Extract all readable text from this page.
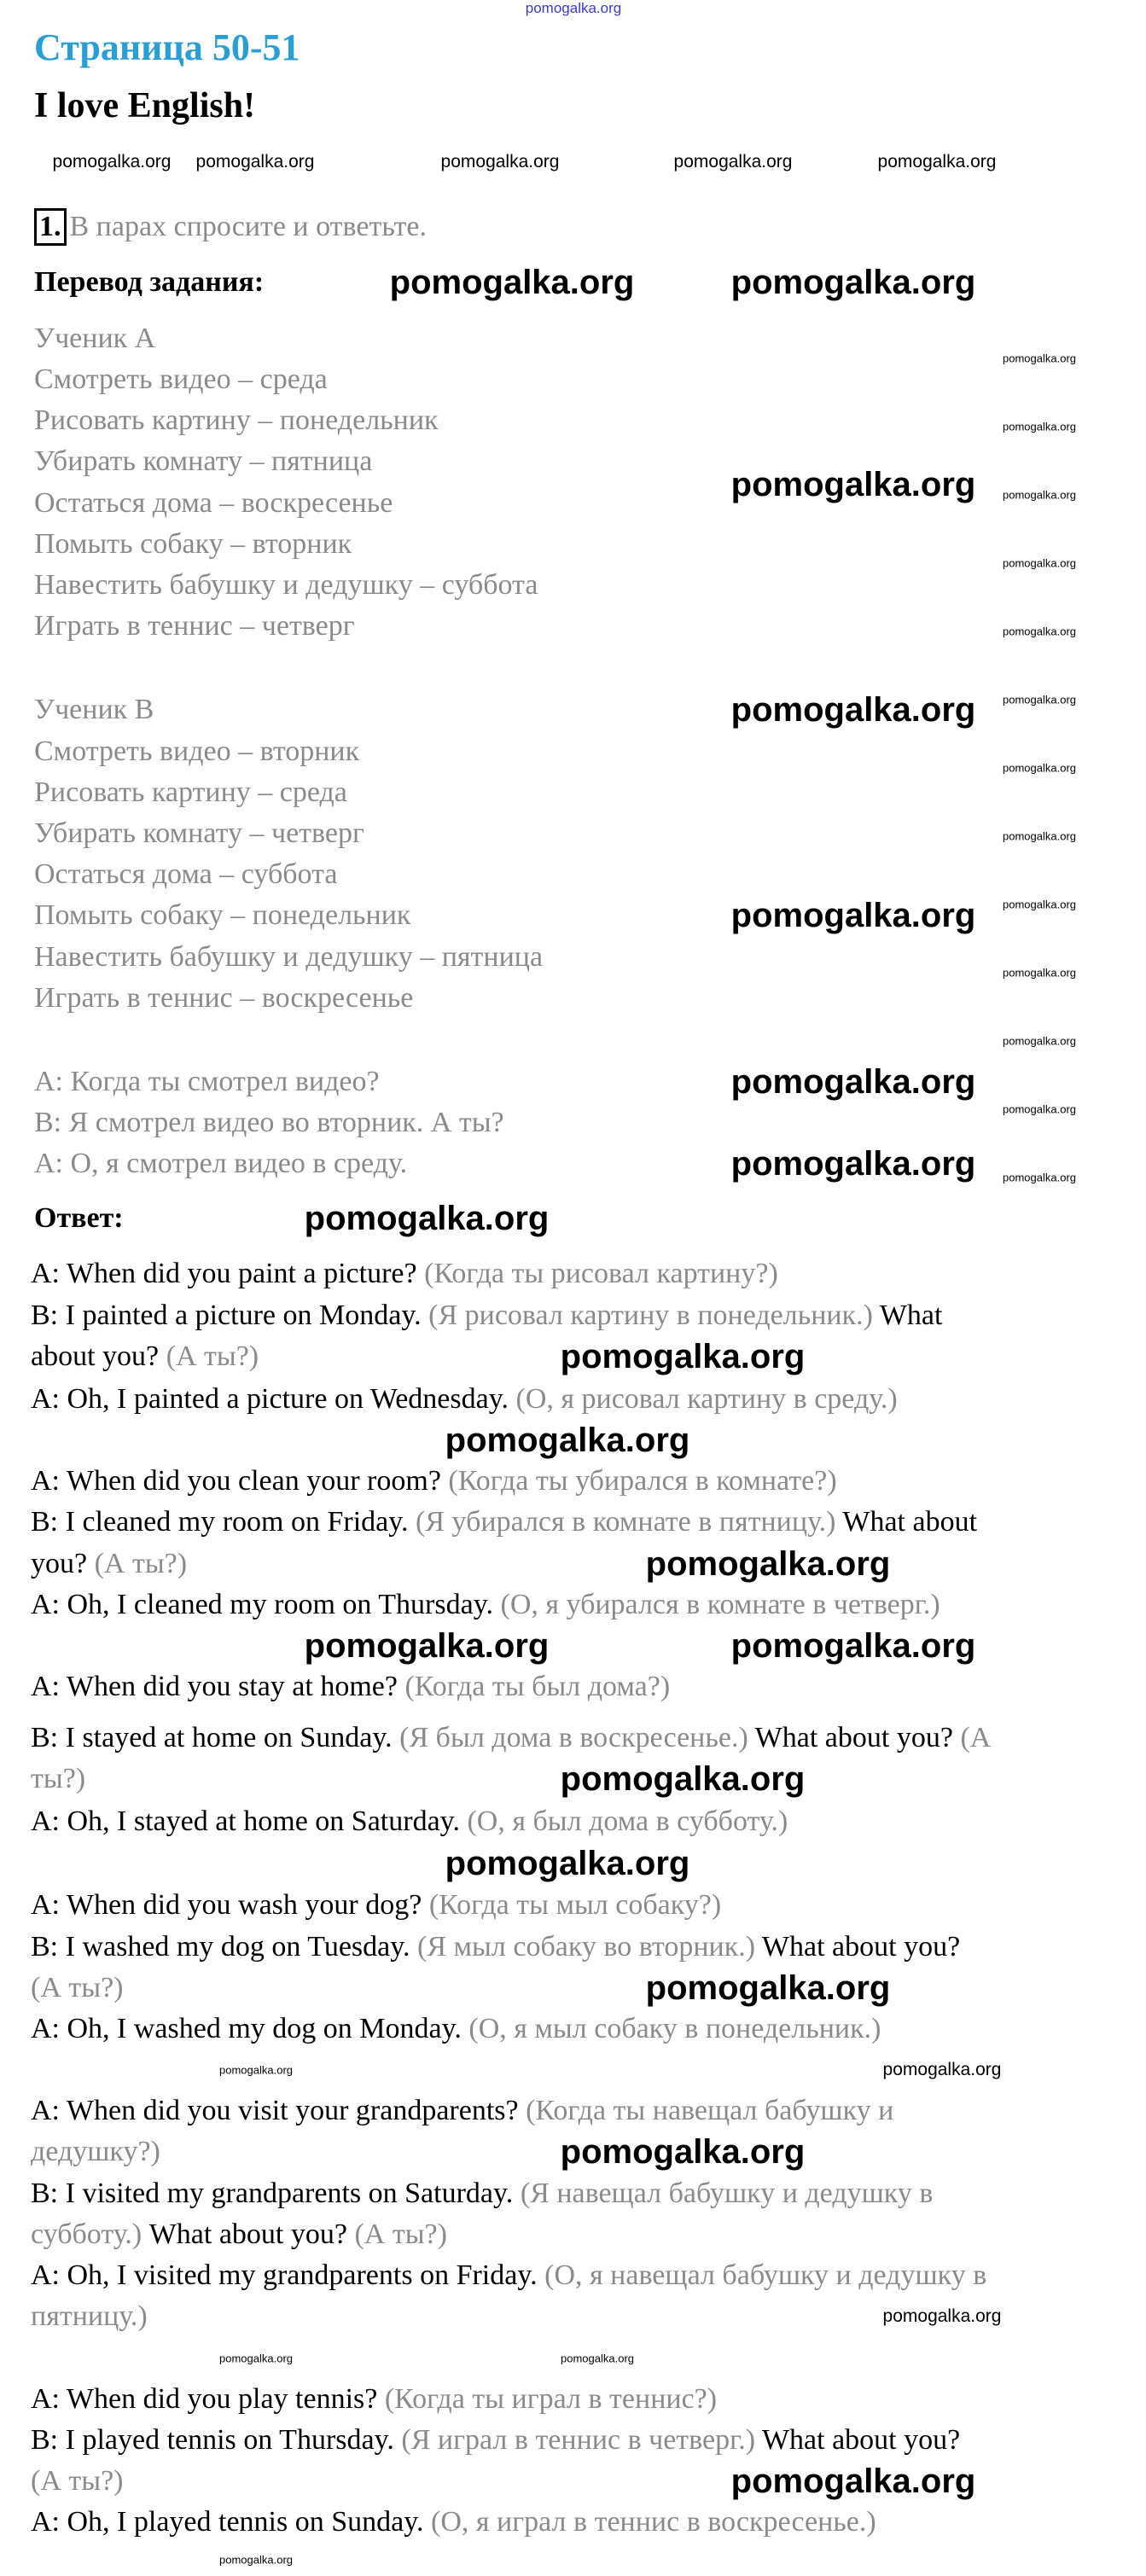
pomogalka.org
Страница 50-51
I love English!
1. В парах спросите и ответьте.
Перевод задания:
Ученик А
Смотреть видео – среда
Рисовать картину – понедельник
Убирать комнату – пятница
Остаться дома – воскресенье
Помыть собаку – вторник
Навестить бабушку и дедушку – суббота
Играть в теннис – четверг
Ученик В
Смотреть видео – вторник
Рисовать картину – среда
Убирать комнату – четверг
Остаться дома – суббота
Помыть собаку – понедельник
Навестить бабушку и дедушку – пятница
Играть в теннис – воскресенье
A: Когда ты смотрел видео?
B: Я смотрел видео во вторник. А ты?
A: О, я смотрел видео в среду.
Ответ:
A: When did you paint a picture? (Когда ты рисовал картину?)
B: I painted a picture on Monday. (Я рисовал картину в понедельник.) What
about you? (А ты?)
A: Oh, I painted a picture on Wednesday. (О, я рисовал картину в среду.)
A: When did you clean your room? (Когда ты убирался в комнате?)
B: I cleaned my room on Friday. (Я убирался в комнате в пятницу.) What about
you? (А ты?)
A: Oh, I cleaned my room on Thursday. (О, я убирался в комнате в четверг.)
A: When did you stay at home? (Когда ты был дома?)
B: I stayed at home on Sunday. (Я был дома в воскресенье.) What about you? (А
ты?)
A: Oh, I stayed at home on Saturday. (О, я был дома в субботу.)
A: When did you wash your dog? (Когда ты мыл собаку?)
B: I washed my dog on Tuesday. (Я мыл собаку во вторник.) What about you?
(А ты?)
A: Oh, I washed my dog on Monday. (О, я мыл собаку в понедельник.)
A: When did you visit your grandparents? (Когда ты навещал бабушку и
дедушку?)
B: I visited my grandparents on Saturday. (Я навещал бабушку и дедушку в
субботу.) What about you? (А ты?)
A: Oh, I visited my grandparents on Friday. (О, я навещал бабушку и дедушку в
пятницу.)
A: When did you play tennis? (Когда ты играл в теннис?)
B: I played tennis on Thursday. (Я играл в теннис в четверг.) What about you?
(А ты?)
A: Oh, I played tennis on Sunday. (О, я играл в теннис в воскресенье.)
pomogalka.org	pomogalka.org
pomogalka.org
pomogalka.org
pomogalka.org
pomogalka.org
pomogalka.org
pomogalka.org
pomogalka.org
pomogalka.org
pomogalka.org
pomogalka.org	pomogalka.org
pomogalka.org
pomogalka.org
pomogalka.org
pomogalka.org
pomogalka.org
pomogalka.org pomogalka.org	pomogalka.org	pomogalka.org	pomogalka.org
pomogalka.org
pomogalka.org
pomogalka.org
pomogalka.org
pomogalka.org
pomogalka.org
pomogalka.org
pomogalka.org
pomogalka.org
pomogalka.org
pomogalka.org
pomogalka.org
pomogalka.org
pomogalka.org
pomogalka.org
pomogalka.org
pomogalka.org	pomogalka.org
pomogalka.org
